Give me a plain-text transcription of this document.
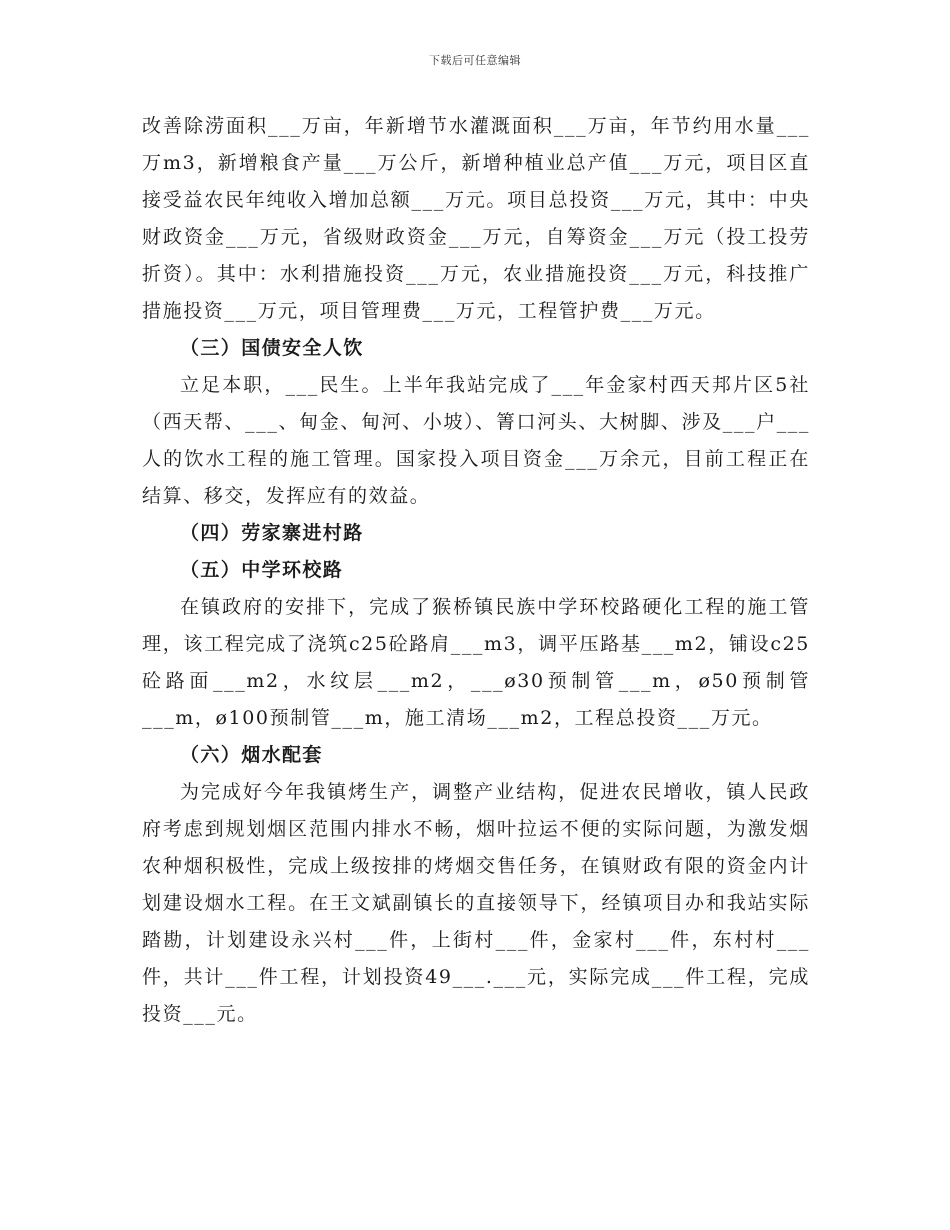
下载后可任意编辑

改善除涝面积___万亩，年新增节水灌溉面积___万亩，年节约用水量___万m3，新增粮食产量___万公斤，新增种植业总产值___万元，项目区直接受益农民年纯收入增加总额___万元。项目总投资___万元，其中：中央财政资金___万元，省级财政资金___万元，自筹资金___万元（投工投劳折资）。其中：水利措施投资___万元，农业措施投资___万元，科技推广措施投资___万元，项目管理费___万元，工程管护费___万元。

（三）国债安全人饮

立足本职，___民生。上半年我站完成了___年金家村西天邦片区5社（西天帮、___、甸金、甸河、小坡）、箐口河头、大树脚、涉及___户___人的饮水工程的施工管理。国家投入项目资金___万余元，目前工程正在结算、移交，发挥应有的效益。

（四）劳家寨进村路

（五）中学环校路

在镇政府的安排下，完成了猴桥镇民族中学环校路硬化工程的施工管理，该工程完成了浇筑c25砼路肩___m3，调平压路基___m2，铺设c25砼路面___m2，水纹层___m2，___ø30预制管___m，ø50预制管___m，ø100预制管___m，施工清场___m2，工程总投资___万元。

（六）烟水配套

为完成好今年我镇烤生产，调整产业结构，促进农民增收，镇人民政府考虑到规划烟区范围内排水不畅，烟叶拉运不便的实际问题，为激发烟农种烟积极性，完成上级按排的烤烟交售任务，在镇财政有限的资金内计划建设烟水工程。在王文斌副镇长的直接领导下，经镇项目办和我站实际踏勘，计划建设永兴村___件，上街村___件，金家村___件，东村村___件，共计___件工程，计划投资49___.___元，实际完成___件工程，完成投资___元。
